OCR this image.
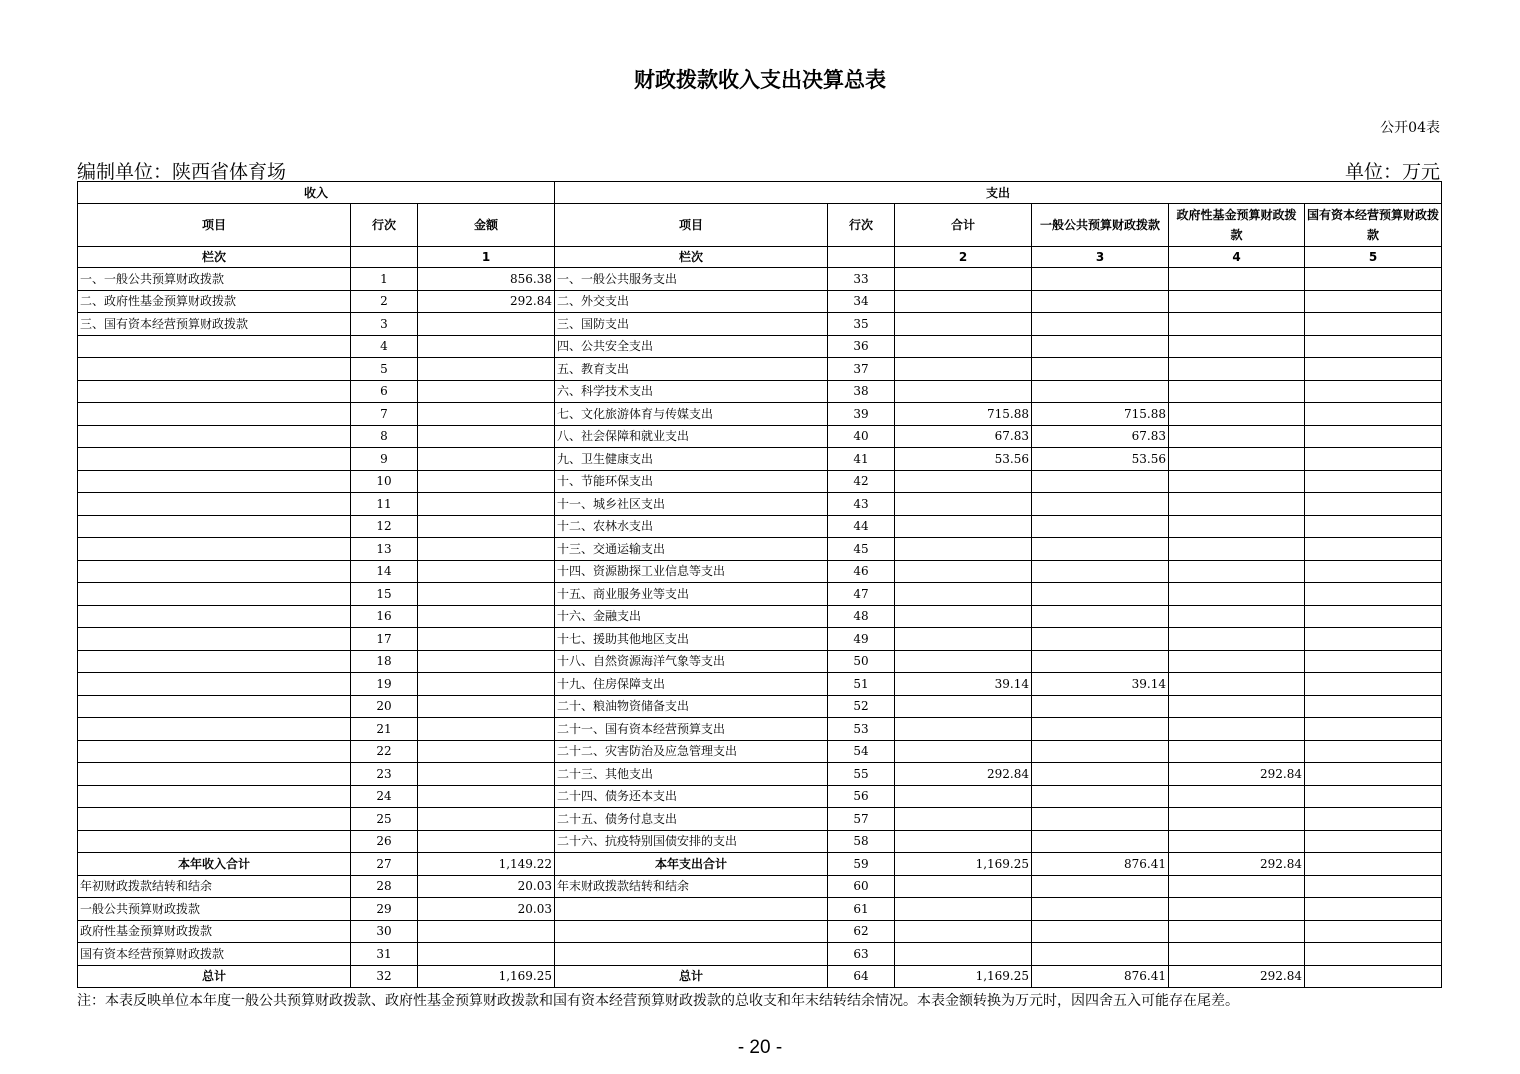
财政拨款收入支出决算总表
公开04表
编制单位：陕西省体育场	单位：万元
收入			支出					
项目	行次	金额	项目	行次	合计	一般公共预算财政拨款	政府性基金预算财政拨款	国有资本经营预算财政拨款
栏次		1	栏次		2	3	4	5
一、一般公共预算财政拨款	1	856.38	一、一般公共服务支出	33				
二、政府性基金预算财政拨款	2	292.84	二、外交支出	34				
三、国有资本经营预算财政拨款	3		三、国防支出	35				
	4		四、公共安全支出	36				
	5		五、教育支出	37				
	6		六、科学技术支出	38				
	7		七、文化旅游体育与传媒支出	39	715.88	715.88		
	8		八、社会保障和就业支出	40	67.83	67.83		
	9		九、卫生健康支出	41	53.56	53.56		
	10		十、节能环保支出	42				
	11		十一、城乡社区支出	43				
	12		十二、农林水支出	44				
	13		十三、交通运输支出	45				
	14		十四、资源勘探工业信息等支出	46				
	15		十五、商业服务业等支出	47				
	16		十六、金融支出	48				
	17		十七、援助其他地区支出	49				
	18		十八、自然资源海洋气象等支出	50				
	19		十九、住房保障支出	51	39.14	39.14		
	20		二十、粮油物资储备支出	52				
	21		二十一、国有资本经营预算支出	53				
	22		二十二、灾害防治及应急管理支出	54				
	23		二十三、其他支出	55	292.84		292.84	
	24		二十四、债务还本支出	56				
	25		二十五、债务付息支出	57				
	26		二十六、抗疫特别国债安排的支出	58				
本年收入合计	27	1,149.22	本年支出合计	59	1,169.25	876.41	292.84	
年初财政拨款结转和结余	28	20.03	年末财政拨款结转和结余	60				
一般公共预算财政拨款	29	20.03		61				
政府性基金预算财政拨款	30			62				
国有资本经营预算财政拨款	31			63				
总计	32	1,169.25	总计	64	1,169.25	876.41	292.84	
注：本表反映单位本年度一般公共预算财政拨款、政府性基金预算财政拨款和国有资本经营预算财政拨款的总收支和年末结转结余情况。本表金额转换为万元时，因四舍五入可能存在尾差。
- 20 -
